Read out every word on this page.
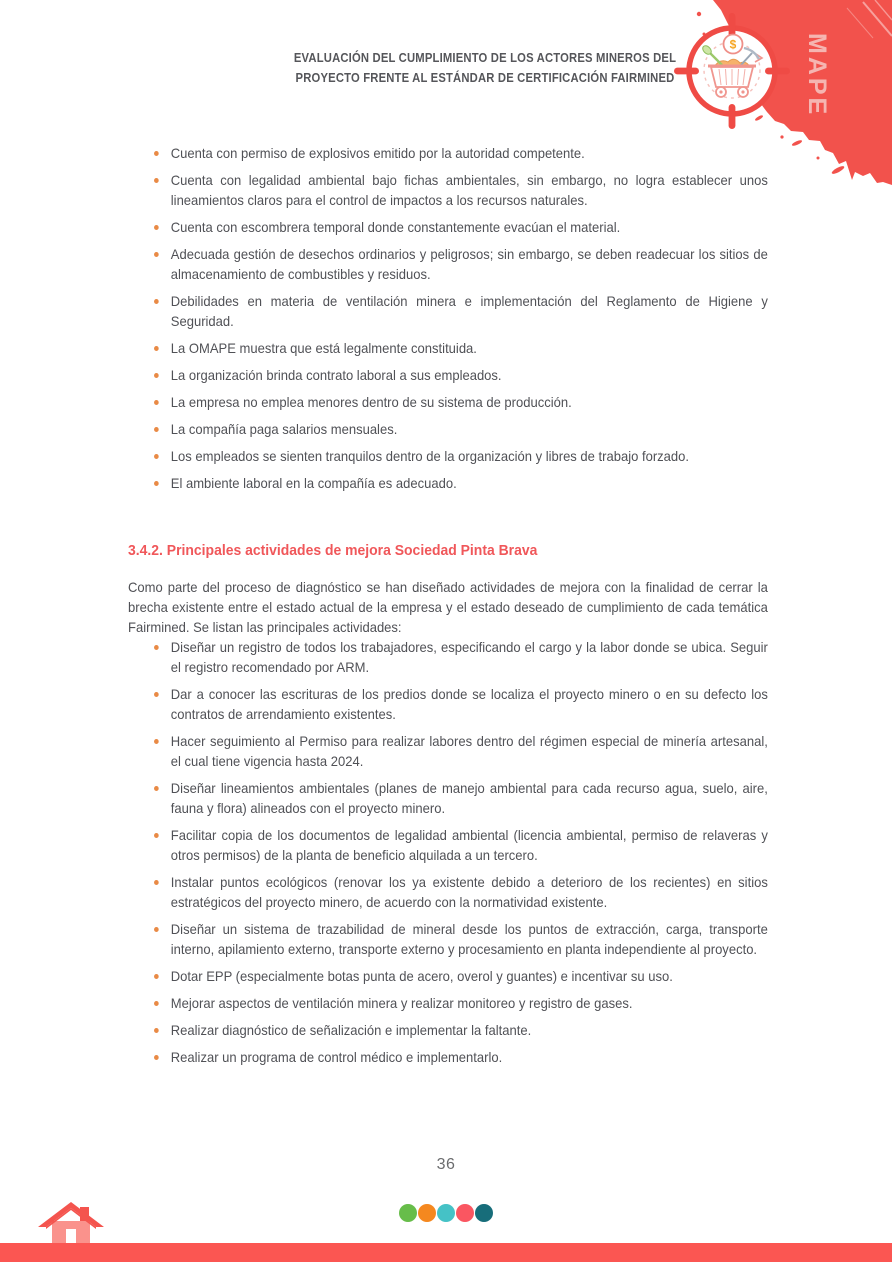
MAPE
$
EVALUACIÓN DEL CUMPLIMIENTO DE LOS ACTORES MINEROS DEL
PROYECTO FRENTE AL ESTÁNDAR DE CERTIFICACIÓN FAIRMINED
Cuenta con permiso de explosivos emitido por la autoridad competente.
Cuenta con legalidad ambiental bajo fichas ambientales, sin embargo, no logra establecer unos lineamientos claros para el control de impactos a los recursos naturales.
Cuenta con escombrera temporal donde constantemente evacúan el material.
Adecuada gestión de desechos ordinarios y peligrosos; sin embargo, se deben readecuar los sitios de almacenamiento de combustibles y residuos.
Debilidades en materia de ventilación minera e implementación del Reglamento de Higiene y Seguridad.
La OMAPE muestra que está legalmente constituida.
La organización brinda contrato laboral a sus empleados.
La empresa no emplea menores dentro de su sistema de producción.
La compañía paga salarios mensuales.
Los empleados se sienten tranquilos dentro de la organización y libres de trabajo forzado.
El ambiente laboral en la compañía es adecuado.
3.4.2. Principales actividades de mejora Sociedad Pinta Brava

Como parte del proceso de diagnóstico se han diseñado actividades de mejora con la finalidad de cerrar la brecha existente entre el estado actual de la empresa y el estado deseado de cumplimiento de cada temática Fairmined. Se listan las principales actividades:

Diseñar un registro de todos los trabajadores, especificando el cargo y la labor donde se ubica. Seguir el registro recomendado por ARM.
Dar a conocer las escrituras de los predios donde se localiza el proyecto minero o en su defecto los contratos de arrendamiento existentes.
Hacer seguimiento al Permiso para realizar labores dentro del régimen especial de minería artesanal, el cual tiene vigencia hasta 2024.
Diseñar lineamientos ambientales (planes de manejo ambiental para cada recurso agua, suelo, aire, fauna y flora) alineados con el proyecto minero.
Facilitar copia de los documentos de legalidad ambiental (licencia ambiental, permiso de relaveras y otros permisos) de la planta de beneficio alquilada a un tercero.
Instalar puntos ecológicos (renovar los ya existente debido a deterioro de los recientes) en sitios estratégicos del proyecto minero, de acuerdo con la normatividad existente.
Diseñar un sistema de trazabilidad de mineral desde los puntos de extracción, carga, transporte interno, apilamiento externo, transporte externo y procesamiento en planta independiente al proyecto.
Dotar EPP (especialmente botas punta de acero, overol y guantes) e incentivar su uso.
Mejorar aspectos de ventilación minera y realizar monitoreo y registro de gases.
Realizar diagnóstico de señalización e implementar la faltante.
Realizar un programa de control médico e implementarlo.
36
